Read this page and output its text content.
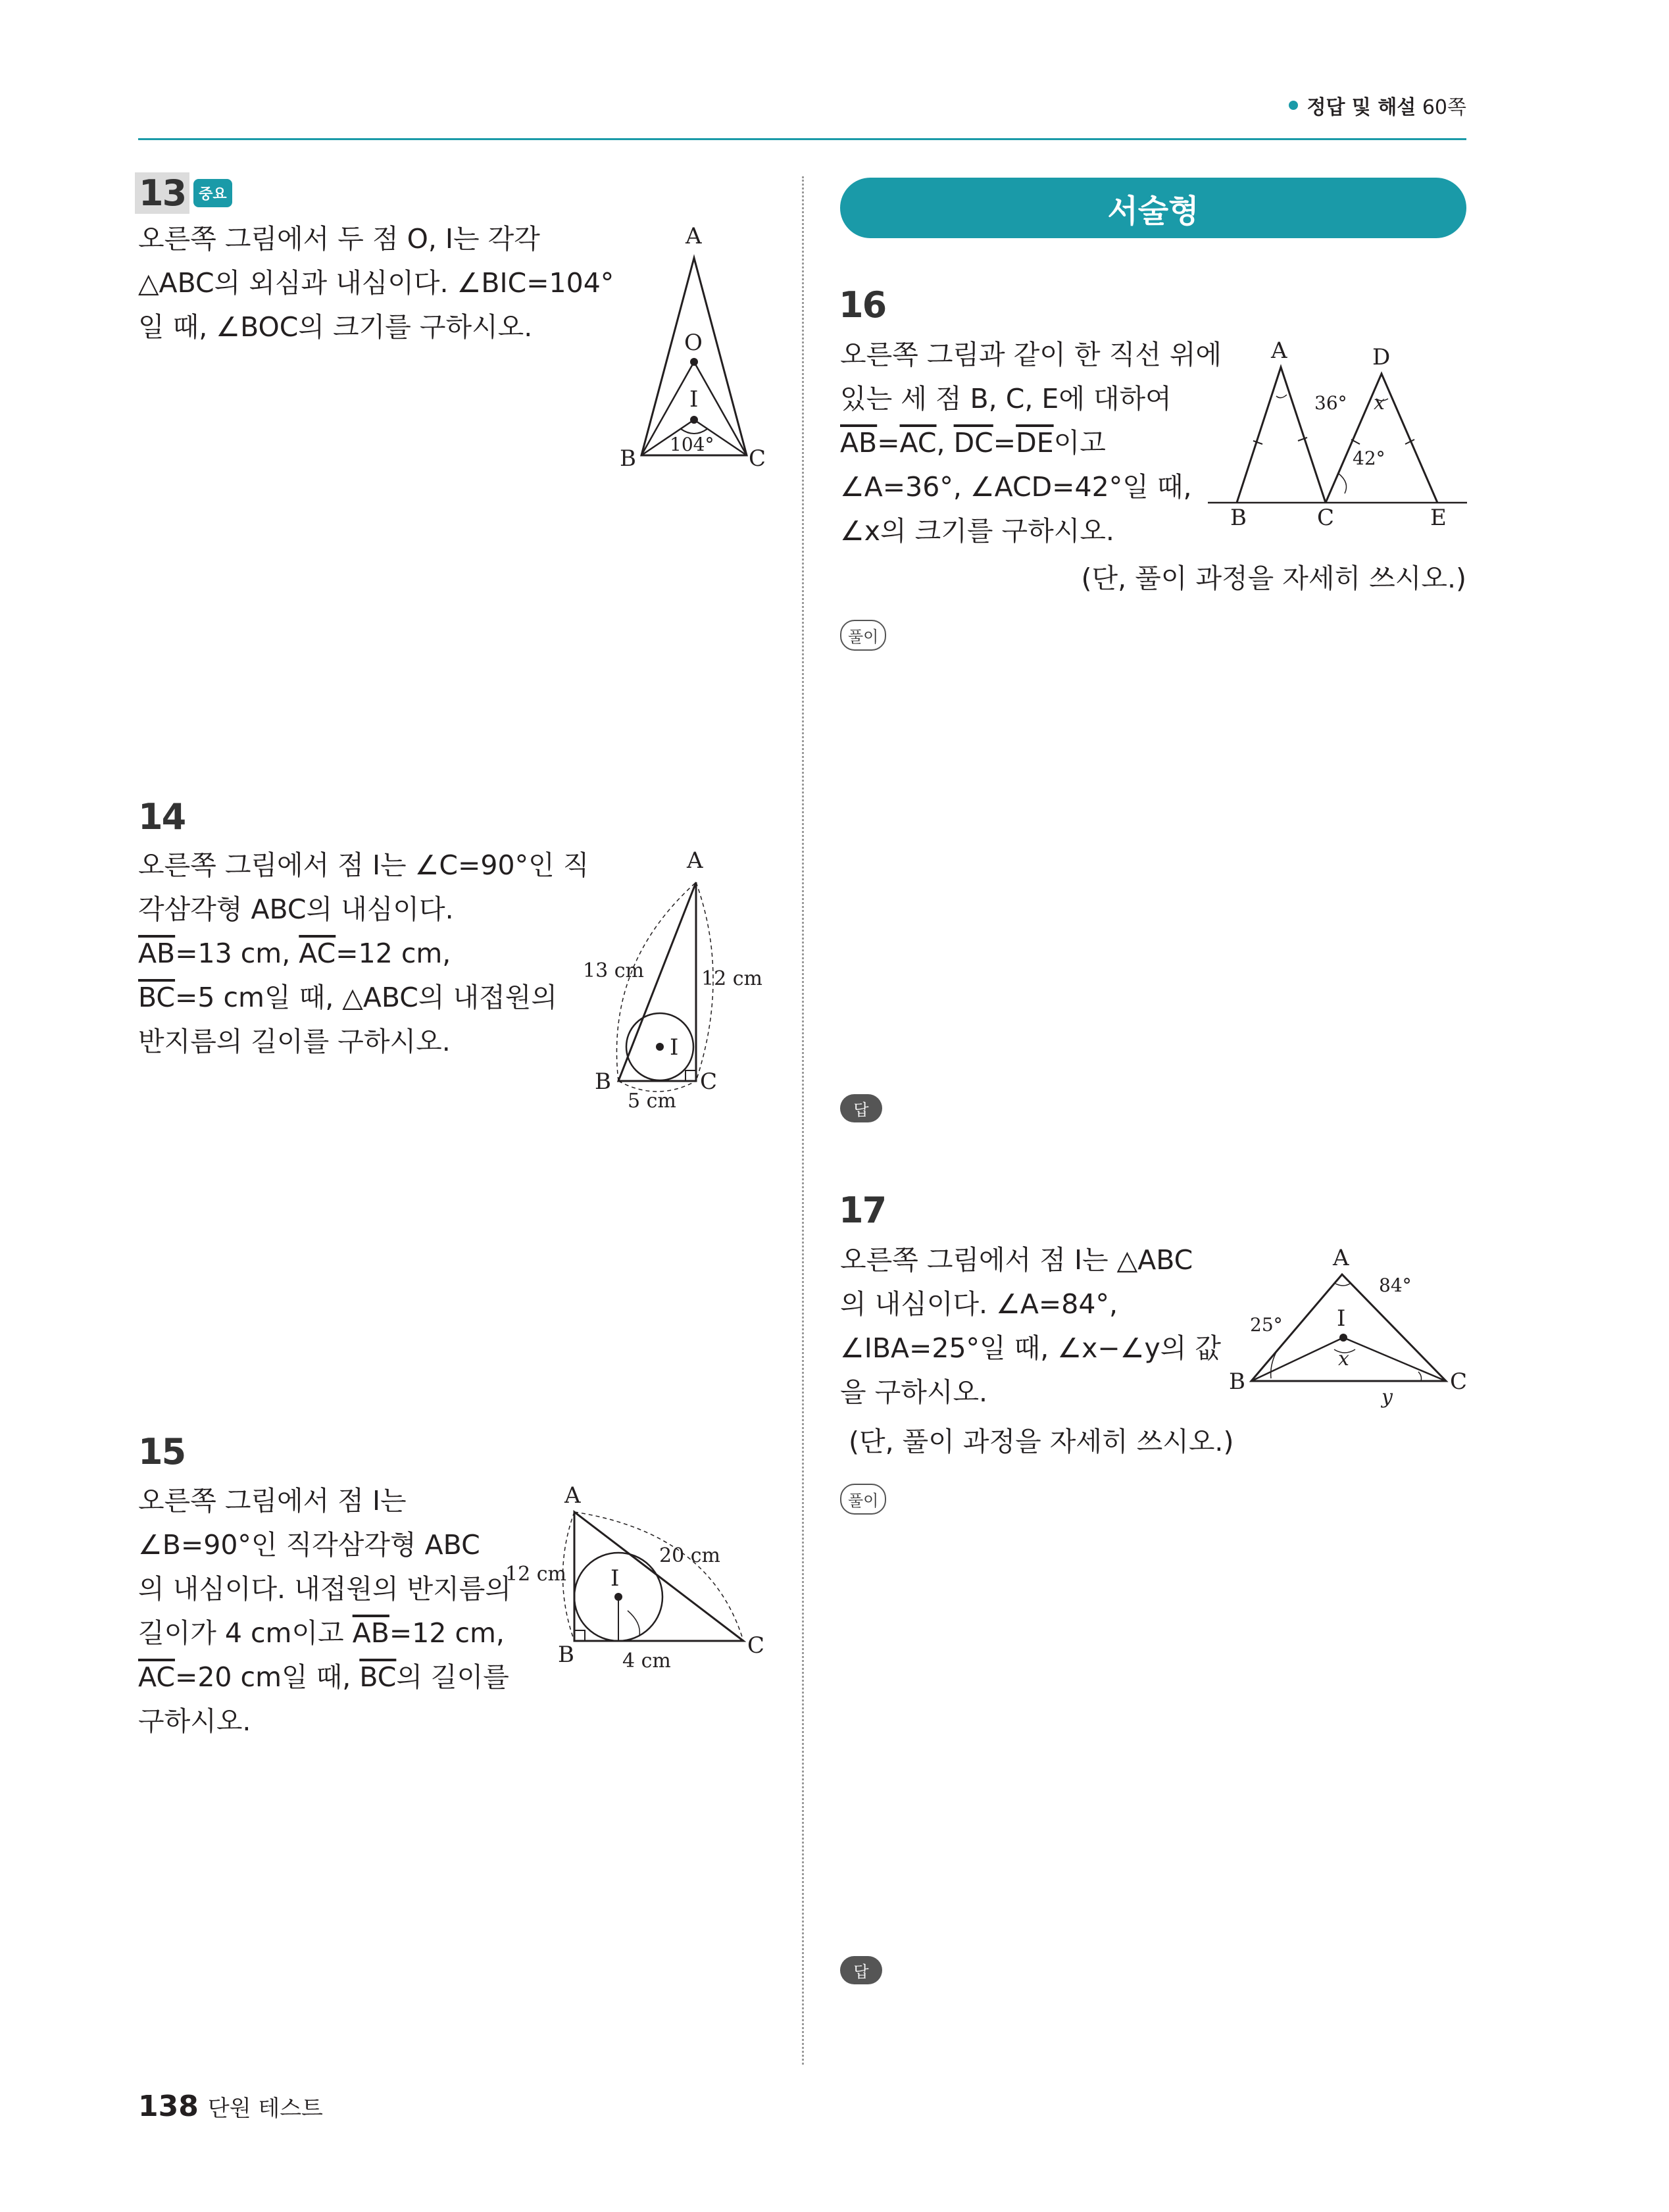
정답 및 해설 60쪽
13 중요
오른쪽 그림에서 두 점 O, I는 각각
△ABC의 외심과 내심이다. ∠BIC=104°
일 때, ∠BOC의 크기를 구하시오.
A
O
I
B	C
104°
14
오른쪽 그림에서 점 I는 ∠C=90°인 직
각삼각형 ABC의 내심이다.
$\overline{AB}=13$ cm, $\overline{AC}=12$ cm,
$\overline{BC}=5$ cm일 때, △ABC의 내접원의
반지름의 길이를 구하시오.
A
I
B	C
13 cm	12 cm
5 cm
15
오른쪽 그림에서 점 I는
∠B=90°인 직각삼각형 ABC
의 내심이다. 내접원의 반지름의
길이가 4 cm이고 $\overline{AB}=12$ cm,
$\overline{AC}=20$ cm일 때, $\overline{BC}$의 길이를
구하시오.
A
I
B	C
12 cm
20 cm
4 cm
서술형
16
오른쪽 그림과 같이 한 직선 위에
있는 세 점 B, C, E에 대하여
$\overline{AB}=\overline{AC}$, $\overline{DC}=\overline{DE}$이고
∠A=36°, ∠ACD=42°일 때,
∠x의 크기를 구하시오.
(단, 풀이 과정을 자세히 쓰시오.)
A	D
B	C	E
36°
42°
x
풀이
답
17
오른쪽 그림에서 점 I는 △ABC
의 내심이다. ∠A=84°,
∠IBA=25°일 때, ∠x−∠y의 값
을 구하시오.
(단, 풀이 과정을 자세히 쓰시오.)
A
I
B	C
84°
25°
x
y
풀이
답
138 단원 테스트
